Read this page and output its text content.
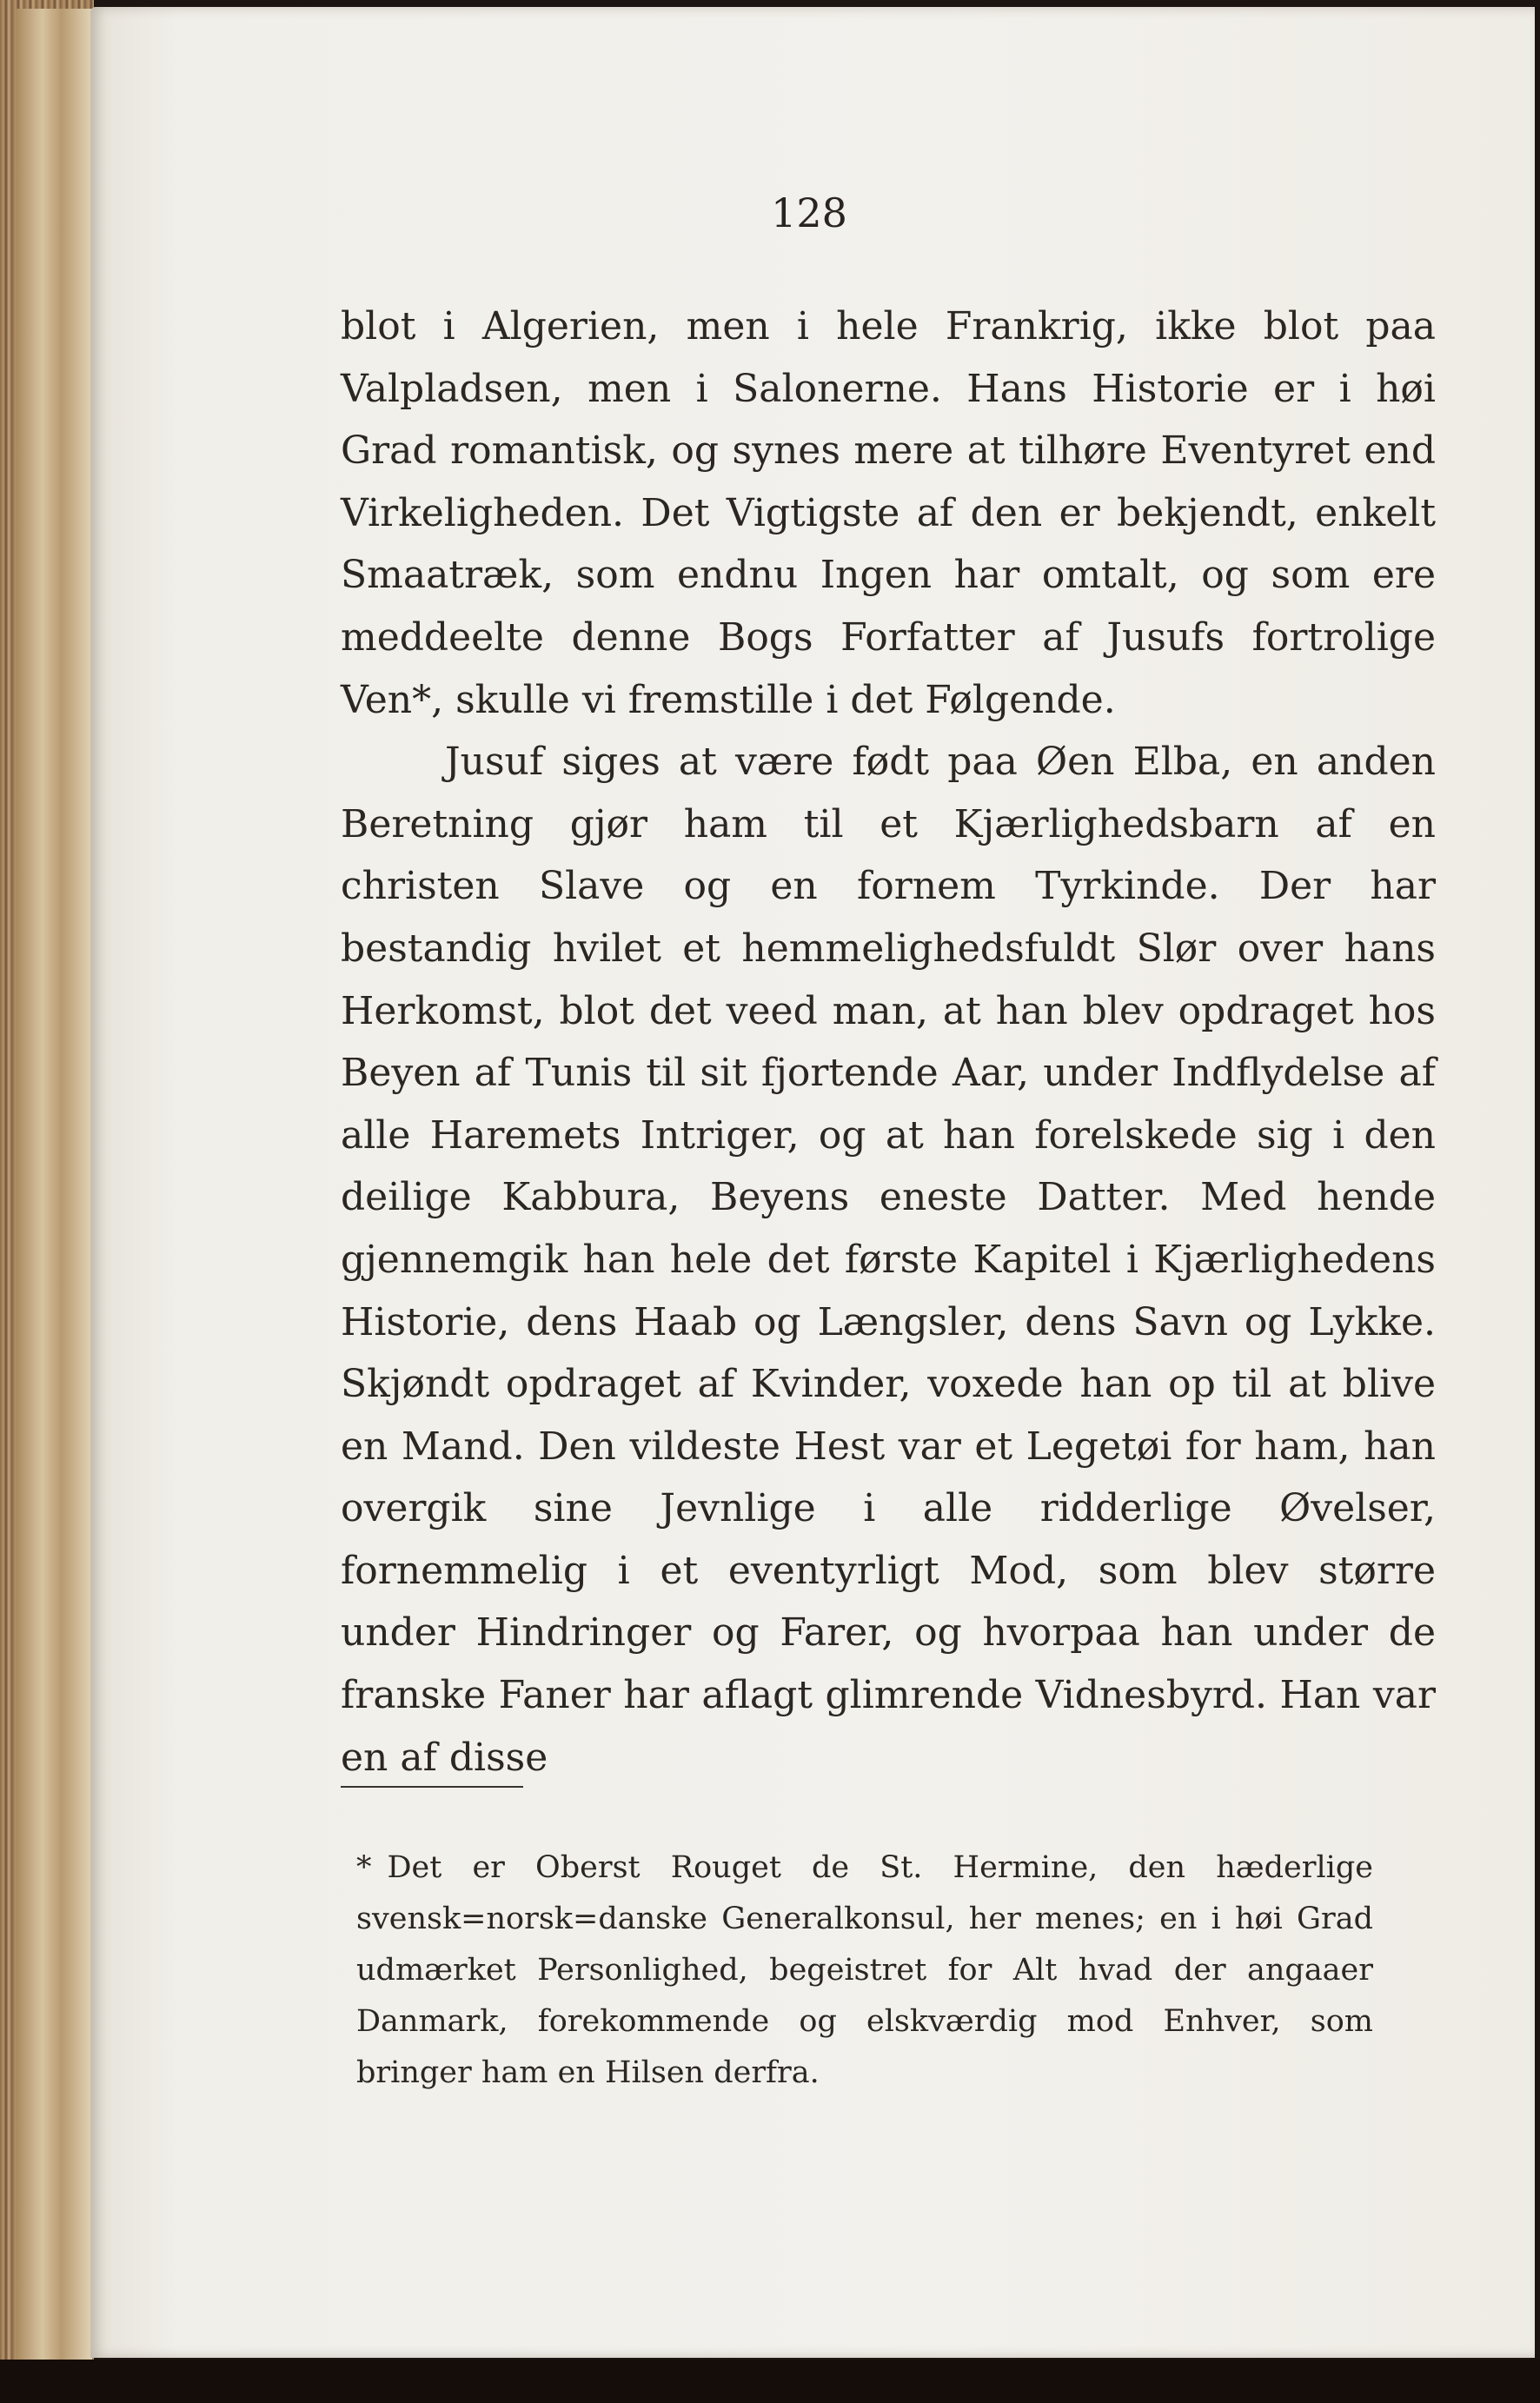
128

blot i Algerien, men i hele Frankrig, ikke blot paa Valpladsen, men i Salonerne. Hans Historie er i høi Grad romantisk, og synes mere at tilhøre Eventyret end Virkeligheden. Det Vigtigste af den er bekjendt, enkelt Smaatræk, som endnu Ingen har omtalt, og som ere meddeelte denne Bogs Forfatter af Jusufs fortrolige Ven*, skulle vi fremstille i det Følgende.

Jusuf siges at være født paa Øen Elba, en anden Beretning gjør ham til et Kjærlighedsbarn af en christen Slave og en fornem Tyrkinde. Der har bestandig hvilet et hemmelighedsfuldt Slør over hans Herkomst, blot det veed man, at han blev opdraget hos Beyen af Tunis til sit fjortende Aar, under Indflydelse af alle Haremets Intriger, og at han forelskede sig i den deilige Kabbura, Beyens eneste Datter. Med hende gjennemgik han hele det første Kapitel i Kjærlighedens Historie, dens Haab og Længsler, dens Savn og Lykke. Skjøndt opdraget af Kvinder, voxede han op til at blive en Mand. Den vildeste Hest var et Legetøi for ham, han overgik sine Jevnlige i alle ridderlige Øvelser, fornemmelig i et eventyrligt Mod, som blev større under Hindringer og Farer, og hvorpaa han under de franske Faner har aflagt glimrende Vidnesbyrd. Han var en af disse

* Det er Oberst Rouget de St. Hermine, den hæderlige svensk=norsk=danske Generalkonsul, her menes; en i høi Grad udmærket Personlighed, begeistret for Alt hvad der angaaer Danmark, forekommende og elskværdig mod Enhver, som bringer ham en Hilsen derfra.
